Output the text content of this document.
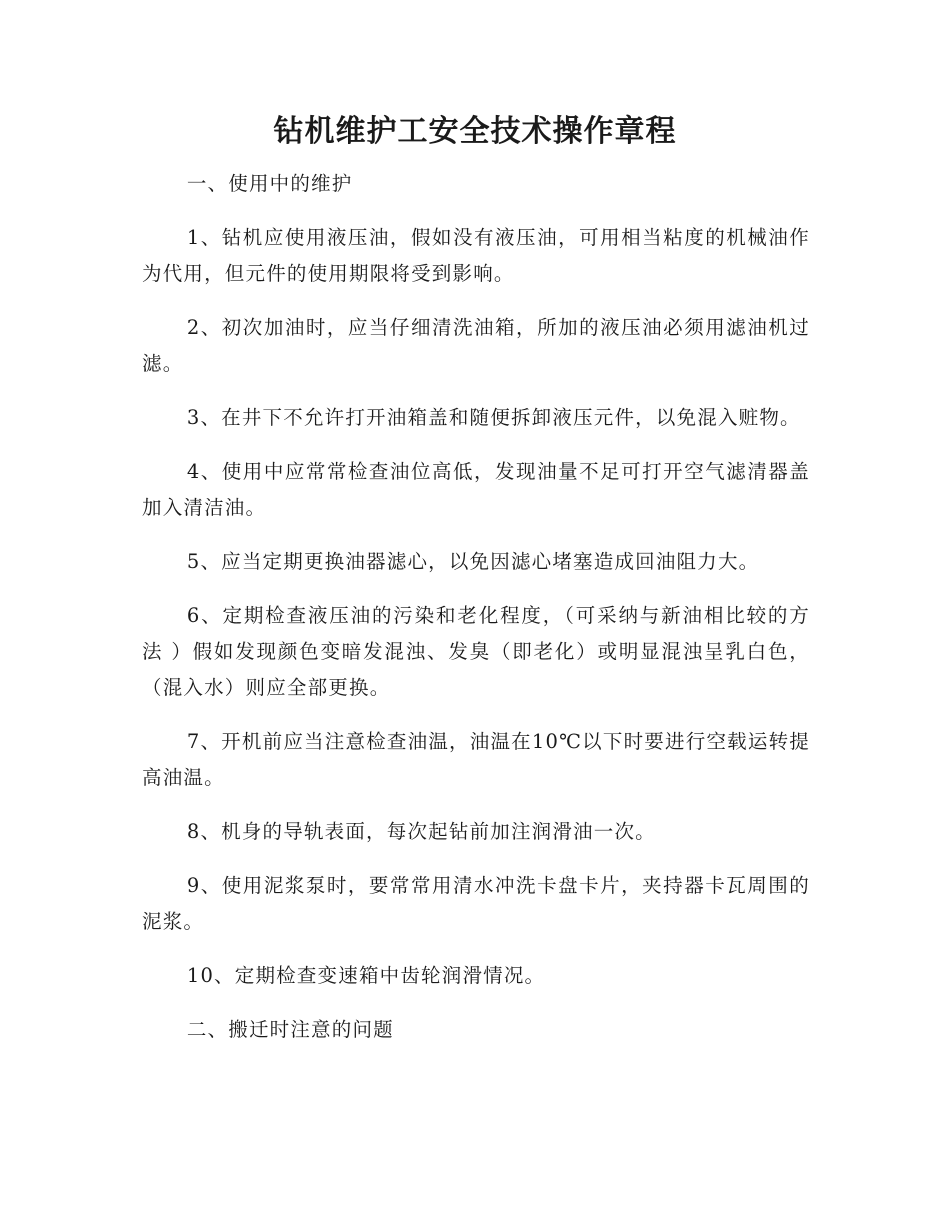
钻机维护工安全技术操作章程

一、使用中的维护

1、钻机应使用液压油，假如没有液压油，可用相当粘度的机械油作为代用，但元件的使用期限将受到影响。

2、初次加油时，应当仔细清洗油箱，所加的液压油必须用滤油机过滤。

3、在井下不允许打开油箱盖和随便拆卸液压元件，以免混入赃物。

4、使用中应常常检查油位高低，发现油量不足可打开空气滤清器盖加入清洁油。

5、应当定期更换油器滤心，以免因滤心堵塞造成回油阻力大。

6、定期检查液压油的污染和老化程度，（可采纳与新油相比较的方法 ）假如发现颜色变暗发混浊、发臭（即老化）或明显混浊呈乳白色，（混入水）则应全部更换。

7、开机前应当注意检查油温，油温在10℃以下时要进行空载运转提高油温。

8、机身的导轨表面，每次起钻前加注润滑油一次。

9、使用泥浆泵时，要常常用清水冲洗卡盘卡片，夹持器卡瓦周围的泥浆。

10、定期检查变速箱中齿轮润滑情况。

二、搬迁时注意的问题
